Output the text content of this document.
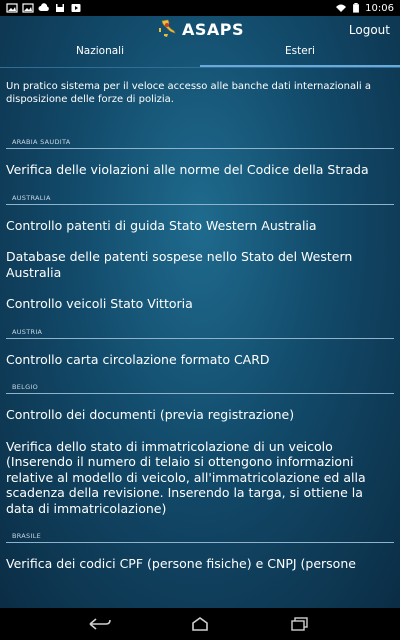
10:06
ASAPS	Logout
Nazionali	Esteri

Un pratico sistema per il veloce accesso alle banche dati internazionali a disposizione delle forze di polizia.

ARABIA SAUDITA
Verifica delle violazioni alle norme del Codice della Strada
AUSTRALIA
Controllo patenti di guida Stato Western Australia
Database delle patenti sospese nello Stato del Western Australia
Controllo veicoli Stato Vittoria
AUSTRIA
Controllo carta circolazione formato CARD
BELGIO
Controllo dei documenti (previa registrazione)
Verifica dello stato di immatricolazione di un veicolo
(Inserendo il numero di telaio si ottengono informazioni relative al modello di veicolo, all'immatricolazione ed alla scadenza della revisione. Inserendo la targa, si ottiene la data di immatricolazione)
BRASILE
Verifica dei codici CPF (persone fisiche) e CNPJ (persone
